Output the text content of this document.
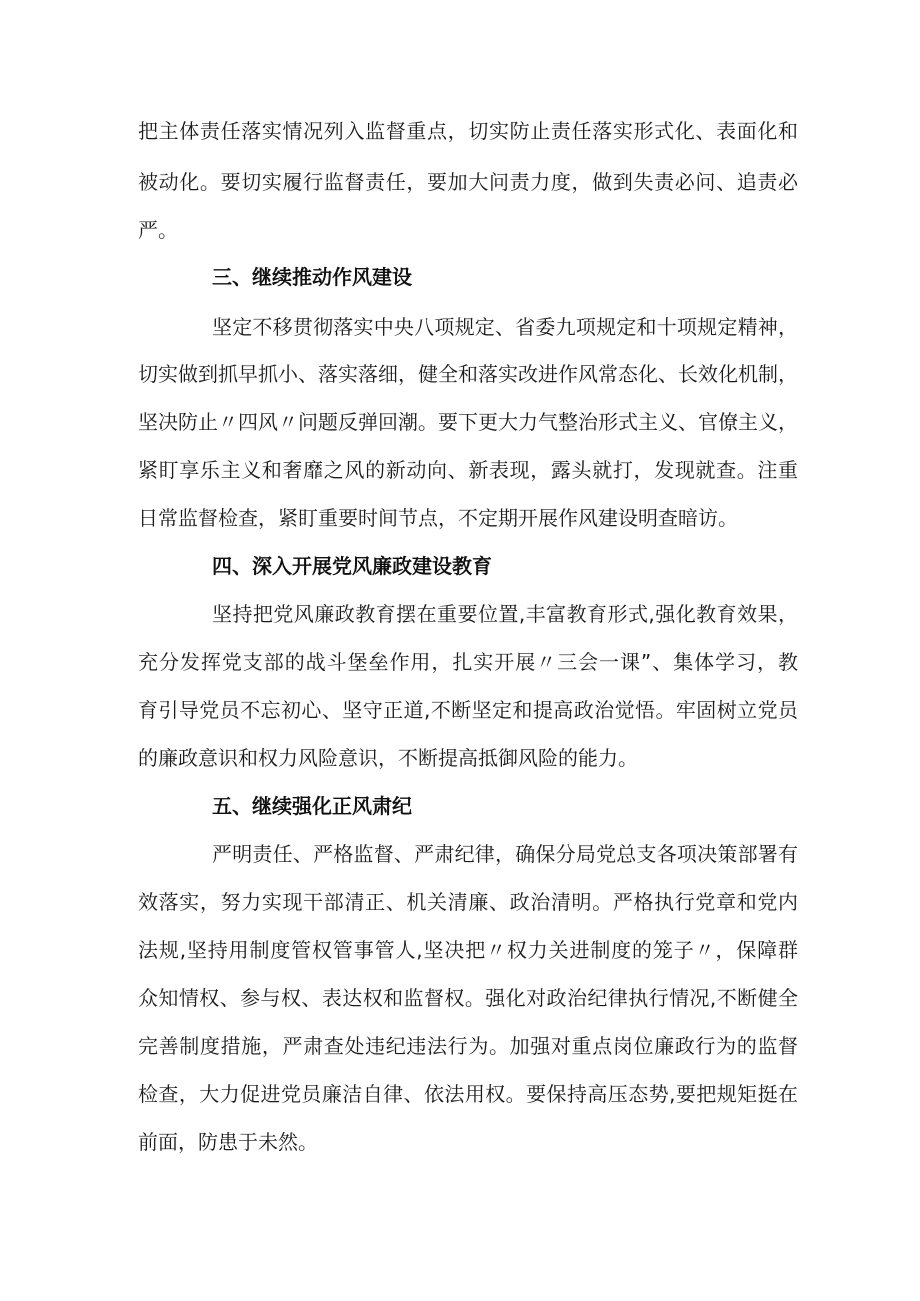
把主体责任落实情况列入监督重点，切实防止责任落实形式化、表面化和
被动化。要切实履行监督责任，要加大问责力度，做到失责必问、追责必
严。
三、继续推动作风建设
坚定不移贯彻落实中央八项规定、省委九项规定和十项规定精神，
切实做到抓早抓小、落实落细，健全和落实改进作风常态化、长效化机制，
坚决防止〃四风〃问题反弹回潮。要下更大力气整治形式主义、官僚主义，
紧盯享乐主义和奢靡之风的新动向、新表现，露头就打，发现就查。注重
日常监督检查，紧盯重要时间节点，不定期开展作风建设明查暗访。
四、深入开展党风廉政建设教育
坚持把党风廉政教育摆在重要位置,丰富教育形式,强化教育效果，
充分发挥党支部的战斗堡垒作用，扎实开展〃三会一课”、集体学习，教
育引导党员不忘初心、坚守正道,不断坚定和提高政治觉悟。牢固树立党员
的廉政意识和权力风险意识，不断提高抵御风险的能力。
五、继续强化正风肃纪
严明责任、严格监督、严肃纪律，确保分局党总支各项决策部署有
效落实，努力实现干部清正、机关清廉、政治清明。严格执行党章和党内
法规,坚持用制度管权管事管人,坚决把〃权力关进制度的笼子〃，保障群
众知情权、参与权、表达权和监督权。强化对政治纪律执行情况,不断健全
完善制度措施，严肃查处违纪违法行为。加强对重点岗位廉政行为的监督
检查，大力促进党员廉洁自律、依法用权。要保持高压态势,要把规矩挺在
前面，防患于未然。
